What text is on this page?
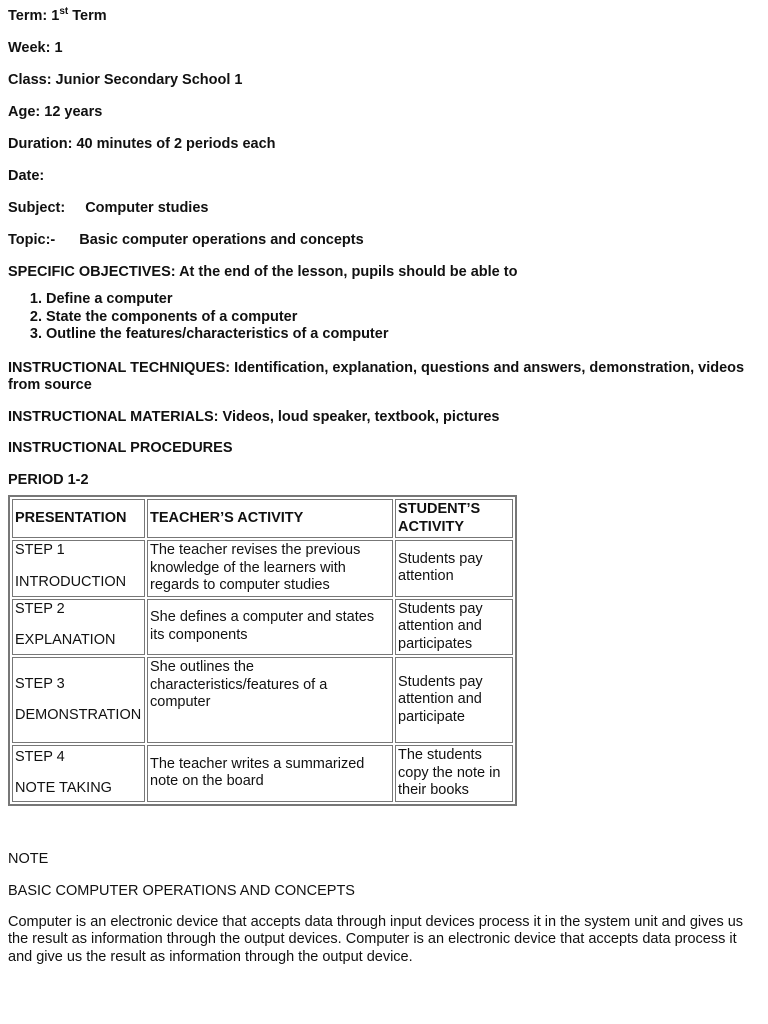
Term: 1st Term

Week: 1

Class: Junior Secondary School 1

Age: 12 years

Duration: 40 minutes of 2 periods each

Date:

Subject: Computer studies

Topic:- Basic computer operations and concepts

SPECIFIC OBJECTIVES: At the end of the lesson, pupils should be able to

1. Define a computer
2. State the components of a computer
3. Outline the features/characteristics of a computer

INSTRUCTIONAL TECHNIQUES: Identification, explanation, questions and answers, demonstration, videos from source

INSTRUCTIONAL MATERIALS: Videos, loud speaker, textbook, pictures

INSTRUCTIONAL PROCEDURES

PERIOD 1-2

PRESENTATION	TEACHER’S ACTIVITY	STUDENT’S ACTIVITY
STEP 1
INTRODUCTION	The teacher revises the previous knowledge of the learners with regards to computer studies	Students pay attention
STEP 2
EXPLANATION	She defines a computer and states its components	Students pay attention and participates
STEP 3
DEMONSTRATION	She outlines the characteristics/features of a computer	Students pay attention and participate
STEP 4
NOTE TAKING	The teacher writes a summarized note on the board	The students copy the note in their books

NOTE

BASIC COMPUTER OPERATIONS AND CONCEPTS

Computer is an electronic device that accepts data through input devices process it in the system unit and gives us the result as information through the output devices. Computer is an electronic device that accepts data process it and give us the result as information through the output device.
